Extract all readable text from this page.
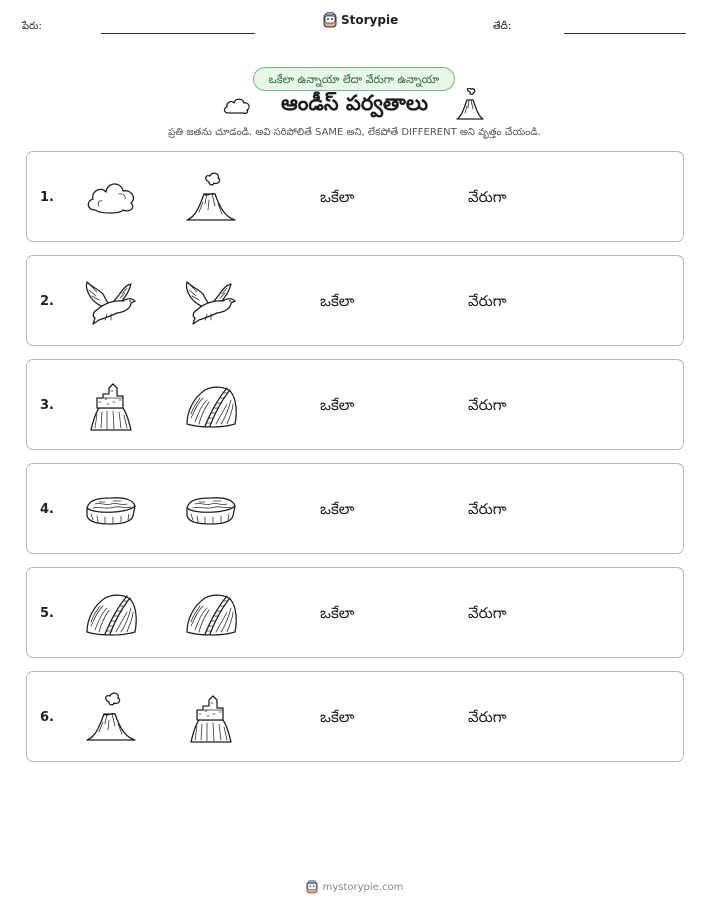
పేరు:	Storypie	తేదీ:
ఒకేలా ఉన్నాయా లేదా వేరుగా ఉన్నాయా
ఆండీస్ పర్వతాలు
ప్రతి జతను చూడండి. అవి సరిపోలితే SAME అని, లేకపోతే DIFFERENT అని వృత్తం చేయండి.
1.	ఒకేలా	వేరుగా
2.	ఒకేలా	వేరుగా
3.	ఒకేలా	వేరుగా
4.	ఒకేలా	వేరుగా
5.	ఒకేలా	వేరుగా
6.	ఒకేలా	వేరుగా
mystorypie.com
